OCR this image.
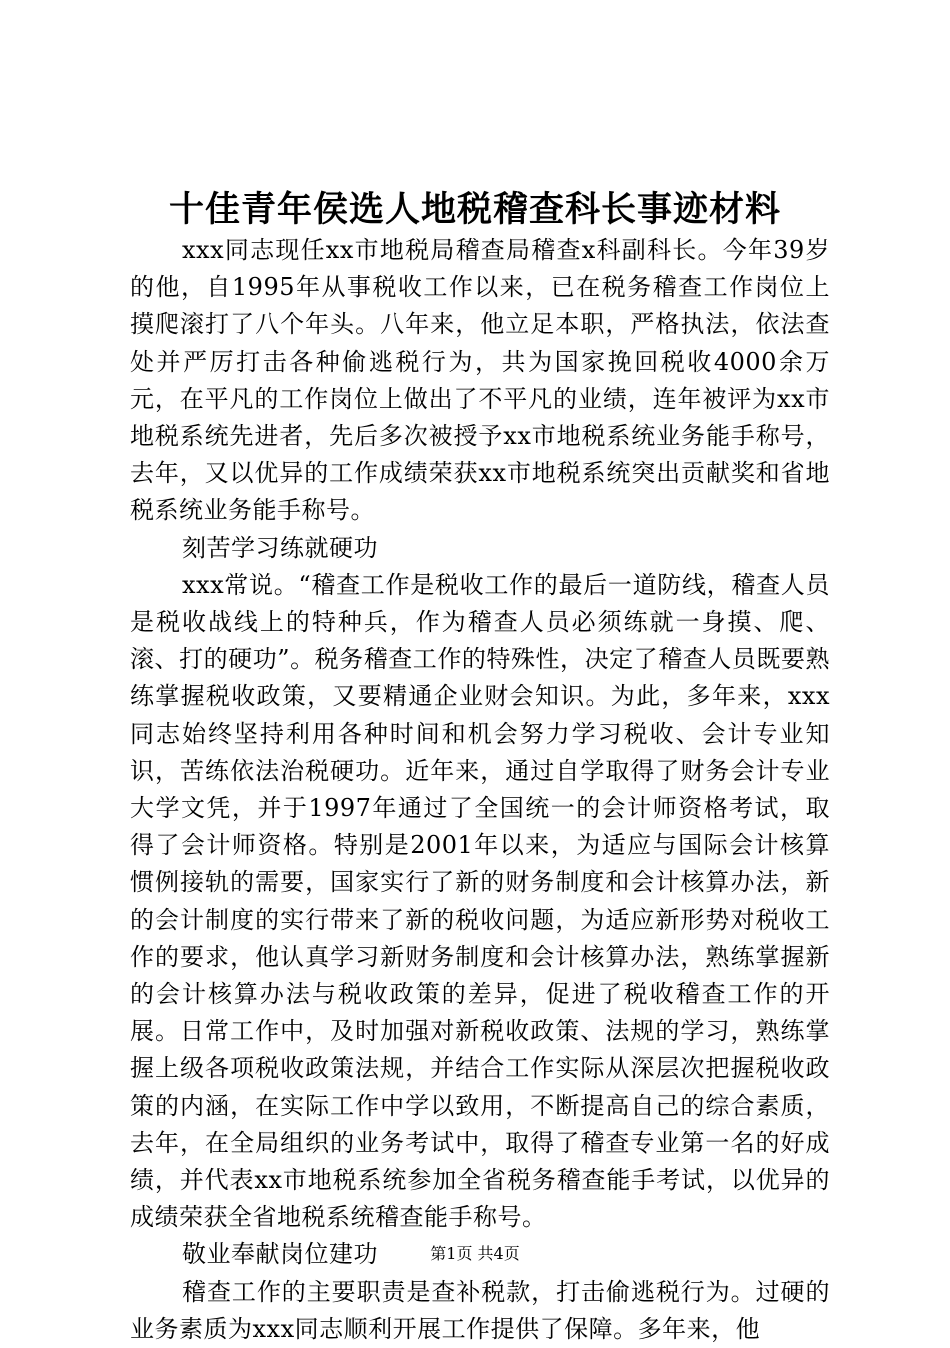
十佳青年侯选人地税稽查科长事迹材料

xxx同志现任xx市地税局稽查局稽查x科副科长。今年39岁的他，自1995年从事税收工作以来，已在税务稽查工作岗位上摸爬滚打了八个年头。八年来，他立足本职，严格执法，依法查处并严厉打击各种偷逃税行为，共为国家挽回税收4000余万元，在平凡的工作岗位上做出了不平凡的业绩，连年被评为xx市地税系统先进者，先后多次被授予xx市地税系统业务能手称号，去年，又以优异的工作成绩荣获xx市地税系统突出贡献奖和省地税系统业务能手称号。

刻苦学习练就硬功

xxx常说。“稽查工作是税收工作的最后一道防线，稽查人员是税收战线上的特种兵，作为稽查人员必须练就一身摸、爬、滚、打的硬功”。税务稽查工作的特殊性，决定了稽查人员既要熟练掌握税收政策，又要精通企业财会知识。为此，多年来，xxx同志始终坚持利用各种时间和机会努力学习税收、会计专业知识，苦练依法治税硬功。近年来，通过自学取得了财务会计专业大学文凭，并于1997年通过了全国统一的会计师资格考试，取得了会计师资格。特别是2001年以来，为适应与国际会计核算惯例接轨的需要，国家实行了新的财务制度和会计核算办法，新的会计制度的实行带来了新的税收问题，为适应新形势对税收工作的要求，他认真学习新财务制度和会计核算办法，熟练掌握新的会计核算办法与税收政策的差异，促进了税收稽查工作的开展。日常工作中，及时加强对新税收政策、法规的学习，熟练掌握上级各项税收政策法规，并结合工作实际从深层次把握税收政策的内涵，在实际工作中学以致用，不断提高自己的综合素质，去年，在全局组织的业务考试中，取得了稽查专业第一名的好成绩，并代表xx市地税系统参加全省税务稽查能手考试，以优异的成绩荣获全省地税系统稽查能手称号。

敬业奉献岗位建功

稽查工作的主要职责是查补税款，打击偷逃税行为。过硬的业务素质为xxx同志顺利开展工作提供了保障。多年来，他

第1页 共4页
